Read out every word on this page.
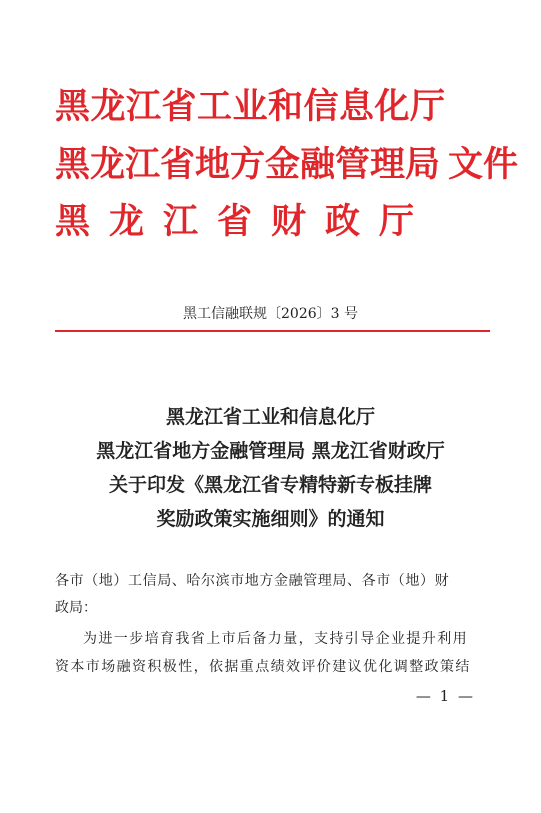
黑龙江省工业和信息化厅
黑龙江省地方金融管理局 文件
黑龙江省财政厅
黑工信融联规〔2026〕3 号
黑龙江省工业和信息化厅
黑龙江省地方金融管理局 黑龙江省财政厅
关于印发《黑龙江省专精特新专板挂牌
奖励政策实施细则》的通知
各市（地）工信局、哈尔滨市地方金融管理局、各市（地）财
政局：
为进一步培育我省上市后备力量，支持引导企业提升利用
资本市场融资积极性，依据重点绩效评价建议优化调整政策结
— 1 —
